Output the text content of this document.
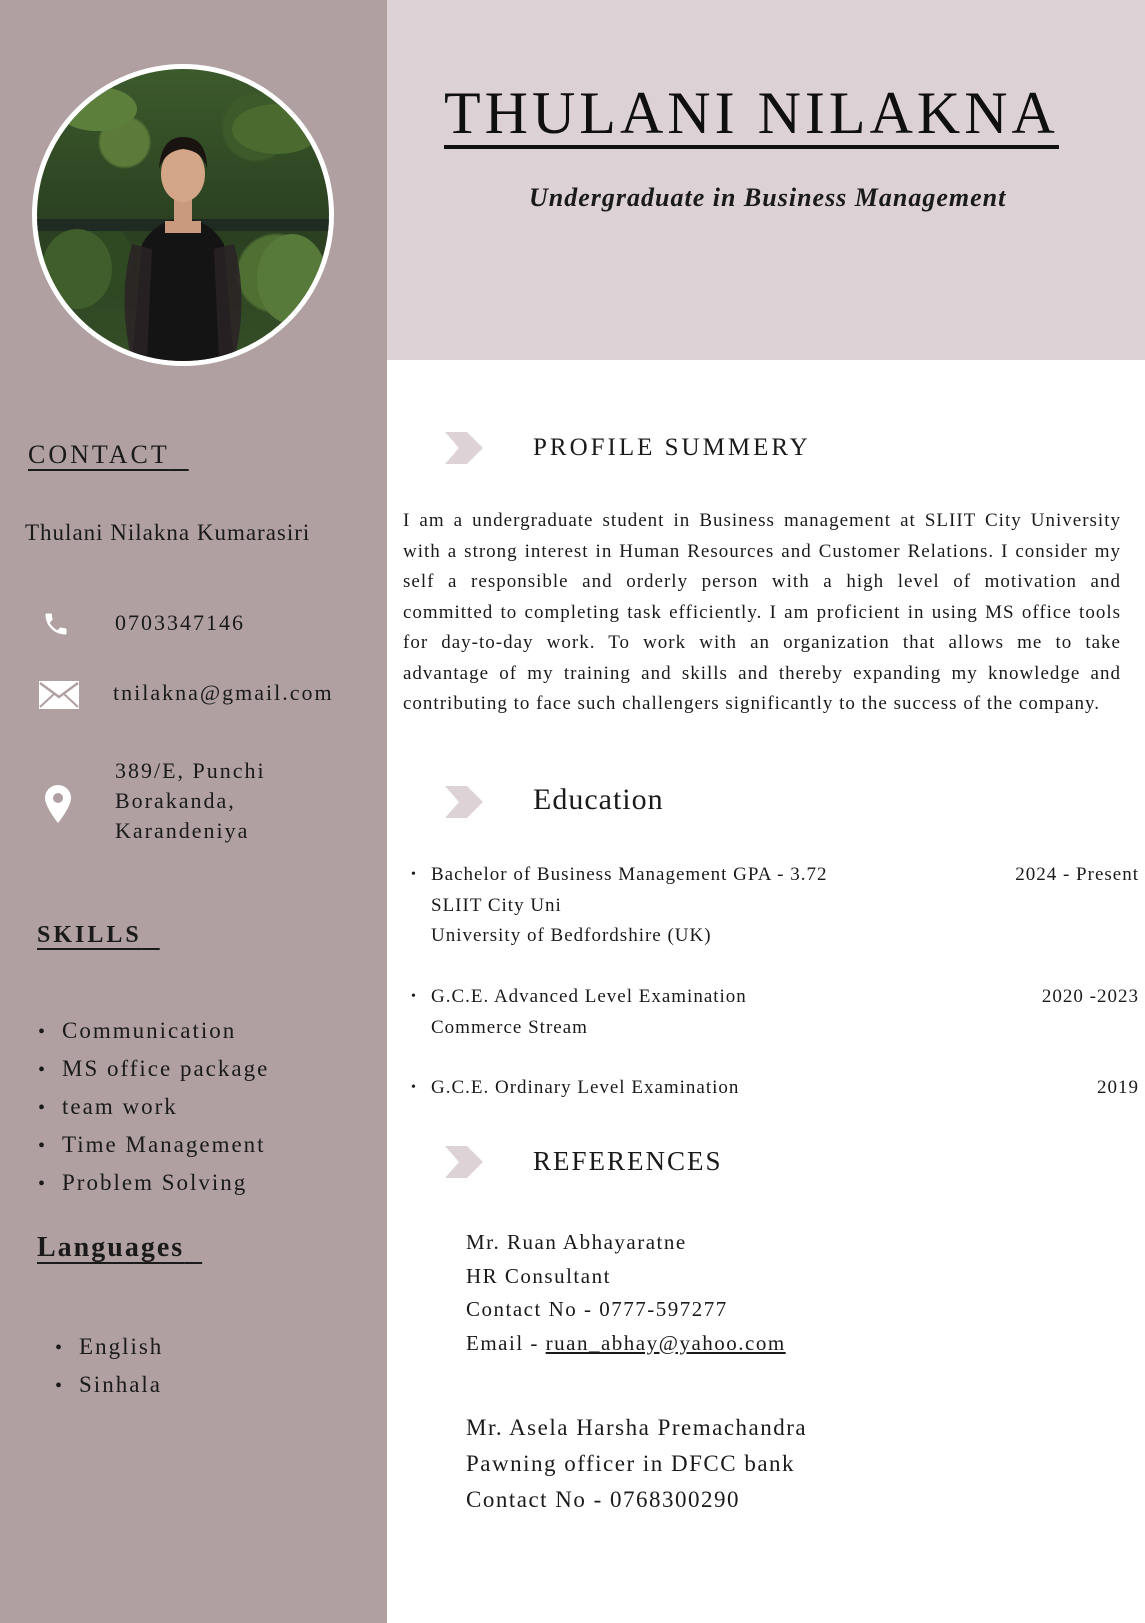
CONTACT
Thulani Nilakna Kumarasiri
0703347146
tnilakna@gmail.com
389/E, Punchi
Borakanda,
Karandeniya
SKILLS
• Communication
• MS office package
• team work
• Time Management
• Problem Solving
Languages
• English
• Sinhala
THULANI NILAKNA
Undergraduate in Business Management
PROFILE SUMMERY

I am a undergraduate student in Business management at SLIIT City University with a strong interest in Human Resources and Customer Relations. I consider my self a responsible and orderly person with a high level of motivation and committed to completing task efficiently. I am proficient in using MS office tools for day-to-day work. To work with an organization that allows me to take advantage of my training and skills and thereby expanding my knowledge and contributing to face such challengers significantly to the success of the company.

Education
• Bachelor of Business Management GPA - 3.72
SLIIT City Uni
University of Bedfordshire (UK)
2024 - Present
• G.C.E. Advanced Level Examination
Commerce Stream
2020 -2023
• G.C.E. Ordinary Level Examination	2019
REFERENCES
Mr. Ruan Abhayaratne
HR Consultant
Contact No - 0777-597277
Email - ruan_abhay@yahoo.com
Mr. Asela Harsha Premachandra
Pawning officer in DFCC bank
Contact No - 0768300290
